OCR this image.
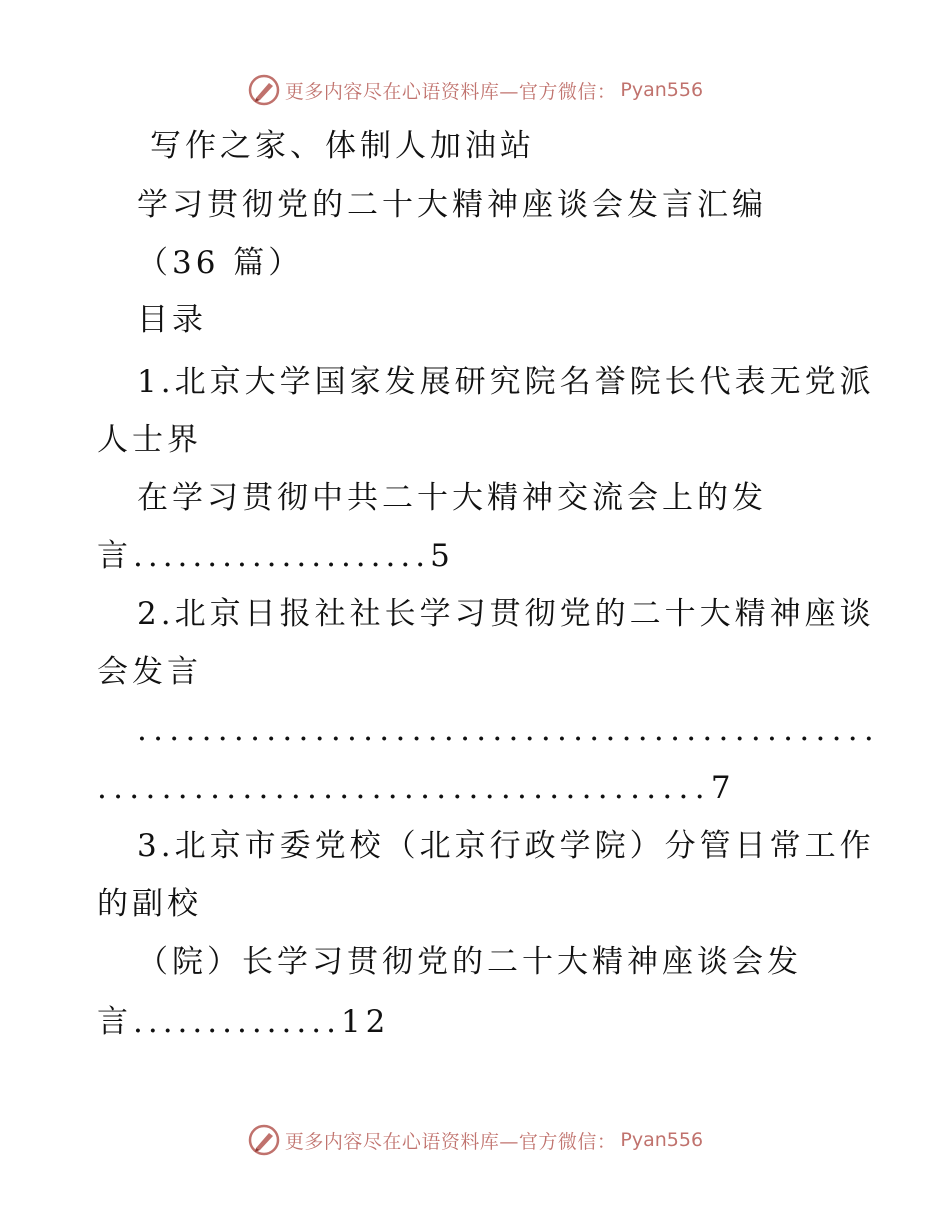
更多内容尽在心语资料库—官方微信： Pyan556
写作之家、体制人加油站
学习贯彻党的二十大精神座谈会发言汇编
（36 篇）
目录
1.北京大学国家发展研究院名誉院长代表无党派
人士界
在学习贯彻中共二十大精神交流会上的发
言....................5
2.北京日报社社长学习贯彻党的二十大精神座谈
会发言
..............................................
......................................7
3.北京市委党校（北京行政学院）分管日常工作
的副校
（院）长学习贯彻党的二十大精神座谈会发
言..............12
更多内容尽在心语资料库—官方微信： Pyan556
